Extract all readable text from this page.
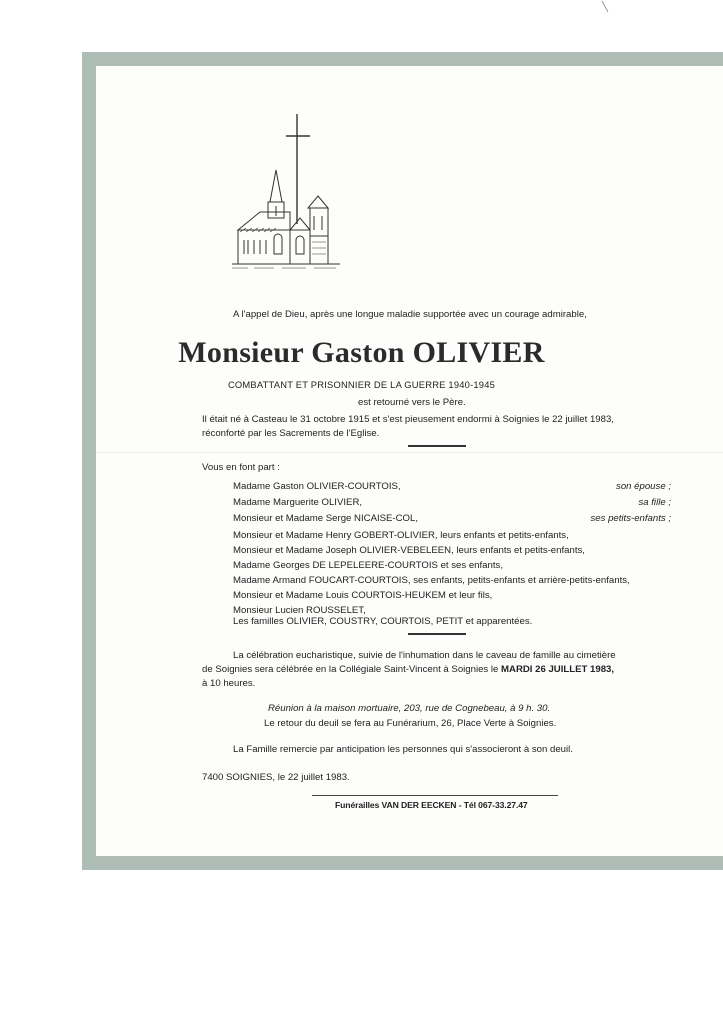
A l'appel de Dieu, après une longue maladie supportée avec un courage admirable,
Monsieur Gaston OLIVIER
COMBATTANT ET PRISONNIER DE LA GUERRE 1940-1945
est retourné vers le Père.
Il était né à Casteau le 31 octobre 1915 et s'est pieusement endormi à Soignies le 22 juillet 1983,
réconforté par les Sacrements de l'Eglise.
Vous en font part :
Madame Gaston OLIVIER-COURTOIS,	son épouse ;
Madame Marguerite OLIVIER,	sa fille ;
Monsieur et Madame Serge NICAISE-COL,	ses petits-enfants ;
Monsieur et Madame Henry GOBERT-OLIVIER, leurs enfants et petits-enfants,
Monsieur et Madame Joseph OLIVIER-VEBELEEN, leurs enfants et petits-enfants,
Madame Georges DE LEPELEERE-COURTOIS et ses enfants,
Madame Armand FOUCART-COURTOIS, ses enfants, petits-enfants et arrière-petits-enfants,
Monsieur et Madame Louis COURTOIS-HEUKEM et leur fils,
Monsieur Lucien ROUSSELET,
Les familles OLIVIER, COUSTRY, COURTOIS, PETIT et apparentées.
La célébration eucharistique, suivie de l'inhumation dans le caveau de famille au cimetière
de Soignies sera célébrée en la Collégiale Saint-Vincent à Soignies le MARDI 26 JUILLET 1983,
à 10 heures.
Réunion à la maison mortuaire, 203, rue de Cognebeau, à 9 h. 30.
Le retour du deuil se fera au Funérarium, 26, Place Verte à Soignies.
La Famille remercie par anticipation les personnes qui s'associeront à son deuil.
7400 SOIGNIES, le 22 juillet 1983.
Funérailles VAN DER EECKEN - Tél 067-33.27.47
